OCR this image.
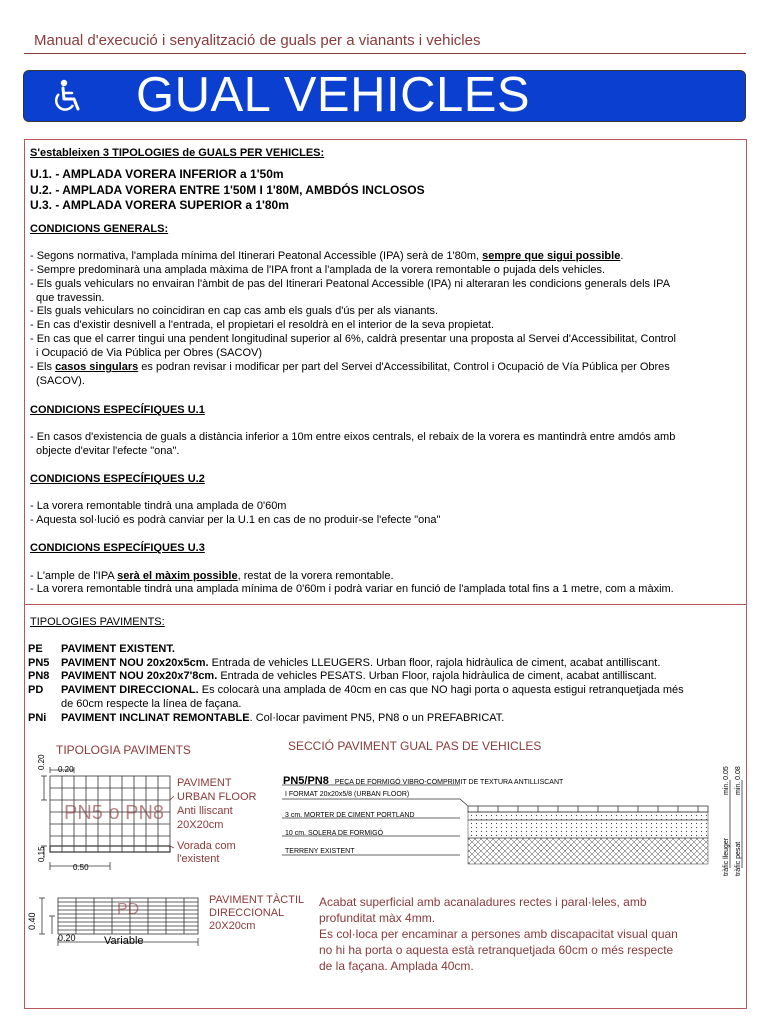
Manual d'execució i senyalització de guals per a vianants i vehicles
GUAL VEHICLES
S'estableixen 3 TIPOLOGIES de GUALS PER VEHICLES:
U.1. - AMPLADA VORERA INFERIOR a 1'50m
U.2. - AMPLADA VORERA ENTRE 1'50M I 1'80M, AMBDÓS INCLOSOS
U.3. - AMPLADA VORERA SUPERIOR a 1'80m
CONDICIONS GENERALS:
- Segons normativa, l'amplada mínima del Itinerari Peatonal Accessible (IPA) serà de 1'80m, sempre que sigui possible.
- Sempre predominarà una amplada màxima de l'IPA front a l'amplada de la vorera remontable o pujada dels vehicles.
- Els guals vehiculars no envairan l'àmbit de pas del Itinerari Peatonal Accessible (IPA) ni alteraran les condicions generals dels IPA
que travessin.
- Els guals vehiculars no coincidiran en cap cas amb els guals d'ús per als vianants.
- En cas d'existir desnivell a l'entrada, el propietari el resoldrà en el interior de la seva propietat.
- En cas que el carrer tingui una pendent longitudinal superior al 6%, caldrà presentar una proposta al Servei d'Accessibilitat, Control
i Ocupació de Via Pública per Obres (SACOV)
- Els casos singulars es podran revisar i modificar per part del Servei d'Accessibilitat, Control i Ocupació de Vía Pública per Obres
(SACOV).
CONDICIONS ESPECÍFIQUES U.1
- En casos d'existencia de guals a distància inferior a 10m entre eixos centrals, el rebaix de la vorera es mantindrà entre amdós amb
objecte d'evitar l'efecte "ona".
CONDICIONS ESPECÍFIQUES U.2
- La vorera remontable tindrà una amplada de 0'60m
- Aquesta sol·lució es podrà canviar per la U.1 en cas de no produir-se l'efecte "ona"
CONDICIONS ESPECÍFIQUES U.3
- L'ample de l'IPA serà el màxim possible, restat de la vorera remontable.
- La vorera remontable tindrà una amplada mínima de 0'60m i podrà variar en funció de l'amplada total fins a 1 metre, com a màxim.
TIPOLOGIES PAVIMENTS:
PE PAVIMENT EXISTENT.
PN5 PAVIMENT NOU 20x20x5cm. Entrada de vehicles LLEUGERS. Urban floor, rajola hidràulica de ciment, acabat antilliscant.
PN8 PAVIMENT NOU 20x20x7'8cm. Entrada de vehicles PESATS. Urban Floor, rajola hidràulica de ciment, acabat antilliscant.
PD PAVIMENT DIRECCIONAL. Es colocarà una amplada de 40cm en cas que NO hagi porta o aquesta estigui retranquetjada més
de 60cm respecte la línea de façana.
PNi PAVIMENT INCLINAT REMONTABLE. Col·locar paviment PN5, PN8 o un PREFABRICAT.
TIPOLOGIA PAVIMENTS
0.20
0.20
0.15
0.50
PN5 o PN8
PAVIMENT
URBAN FLOOR
Anti lliscant
20X20cm
Vorada com
l'existent
0.40
0.20	Variable
PD
PAVIMENT TÀCTIL
DIRECCIONAL
20X20cm
SECCIÓ PAVIMENT GUAL PAS DE VEHICLES
PN5/PN8 PEÇA DE FORMIGÓ VIBRO-COMPRIMIT DE TEXTURA ANTILLISCANT
I FORMAT 20x20x5/8 (URBAN FLOOR)
3 cm. MORTER DE CIMENT PORTLAND
10 cm. SOLERA DE FORMIGÓ
TERRENY EXISTENT
min. 0.05
min. 0.08
tràfic lleuger tràfic pesat
Acabat superficial amb acanaladures rectes i paral·leles, amb
profunditat màx 4mm.
Es col·loca per encaminar a persones amb discapacitat visual quan
no hi ha porta o aquesta està retranquetjada 60cm o més respecte
de la façana. Amplada 40cm.
